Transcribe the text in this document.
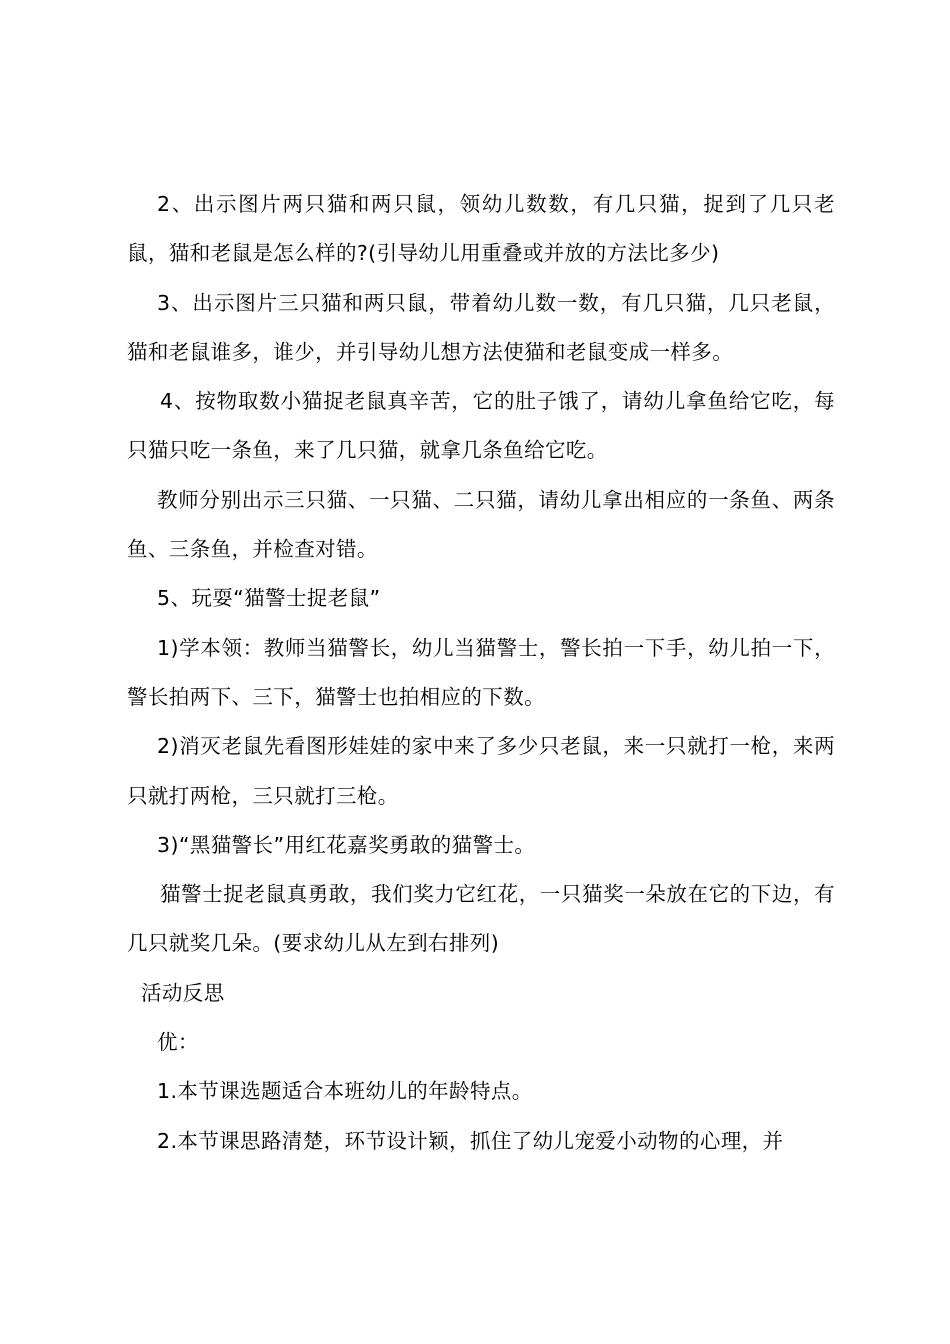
2、出示图片两只猫和两只鼠，领幼儿数数，有几只猫，捉到了几只老鼠，猫和老鼠是怎么样的?(引导幼儿用重叠或并放的方法比多少)

3、出示图片三只猫和两只鼠，带着幼儿数一数，有几只猫，几只老鼠，猫和老鼠谁多，谁少，并引导幼儿想方法使猫和老鼠变成一样多。

4、按物取数小猫捉老鼠真辛苦，它的肚子饿了，请幼儿拿鱼给它吃，每只猫只吃一条鱼，来了几只猫，就拿几条鱼给它吃。

教师分别出示三只猫、一只猫、二只猫，请幼儿拿出相应的一条鱼、两条鱼、三条鱼，并检查对错。

5、玩耍“猫警士捉老鼠”

1)学本领：教师当猫警长，幼儿当猫警士，警长拍一下手，幼儿拍一下，警长拍两下、三下，猫警士也拍相应的下数。

2)消灭老鼠先看图形娃娃的家中来了多少只老鼠，来一只就打一枪，来两只就打两枪，三只就打三枪。

3)“黑猫警长”用红花嘉奖勇敢的猫警士。

猫警士捉老鼠真勇敢，我们奖力它红花，一只猫奖一朵放在它的下边，有几只就奖几朵。(要求幼儿从左到右排列)

活动反思

优：

1.本节课选题适合本班幼儿的年龄特点。

2.本节课思路清楚，环节设计颖，抓住了幼儿宠爱小动物的心理，并
